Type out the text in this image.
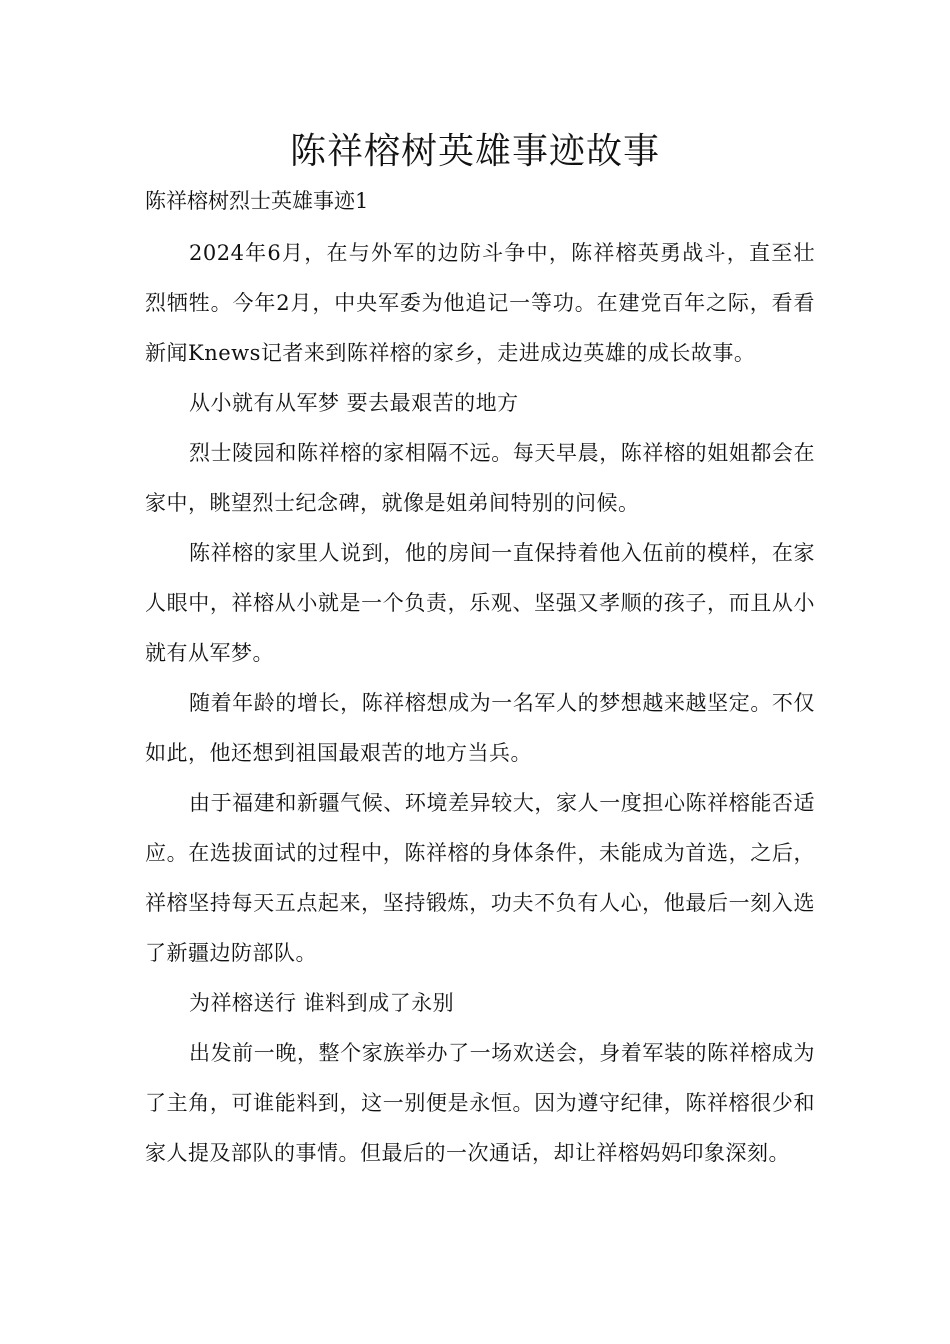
陈祥榕树英雄事迹故事

陈祥榕树烈士英雄事迹1

2024年6月，在与外军的边防斗争中，陈祥榕英勇战斗，直至壮烈牺牲。今年2月，中央军委为他追记一等功。在建党百年之际，看看新闻Knews记者来到陈祥榕的家乡，走进成边英雄的成长故事。

从小就有从军梦 要去最艰苦的地方

烈士陵园和陈祥榕的家相隔不远。每天早晨，陈祥榕的姐姐都会在家中，眺望烈士纪念碑，就像是姐弟间特别的问候。

陈祥榕的家里人说到，他的房间一直保持着他入伍前的模样，在家人眼中，祥榕从小就是一个负责，乐观、坚强又孝顺的孩子，而且从小就有从军梦。

随着年龄的增长，陈祥榕想成为一名军人的梦想越来越坚定。不仅如此，他还想到祖国最艰苦的地方当兵。

由于福建和新疆气候、环境差异较大，家人一度担心陈祥榕能否适应。在选拔面试的过程中，陈祥榕的身体条件，未能成为首选，之后，祥榕坚持每天五点起来，坚持锻炼，功夫不负有人心，他最后一刻入选了新疆边防部队。

为祥榕送行 谁料到成了永别

出发前一晚，整个家族举办了一场欢送会，身着军装的陈祥榕成为了主角，可谁能料到，这一别便是永恒。因为遵守纪律，陈祥榕很少和家人提及部队的事情。但最后的一次通话，却让祥榕妈妈印象深刻。
